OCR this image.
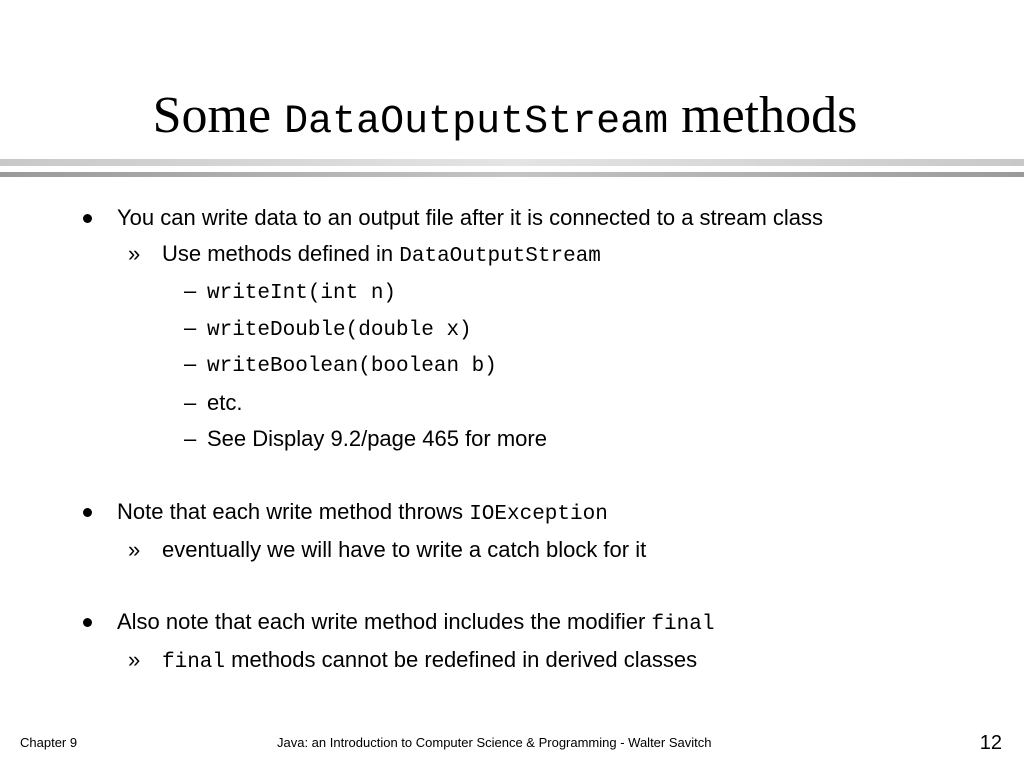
Some DataOutputStream methods
You can write data to an output file after it is connected to a stream class
» Use methods defined in DataOutputStream
– writeInt(int n)
– writeDouble(double x)
– writeBoolean(boolean b)
– etc.
– See Display 9.2/page 465 for more
Note that each write method throws IOException
» eventually we will have to write a catch block for it
Also note that each write method includes the modifier final
» final methods cannot be redefined in derived classes
Chapter 9	Java: an Introduction to Computer Science & Programming - Walter Savitch	12
